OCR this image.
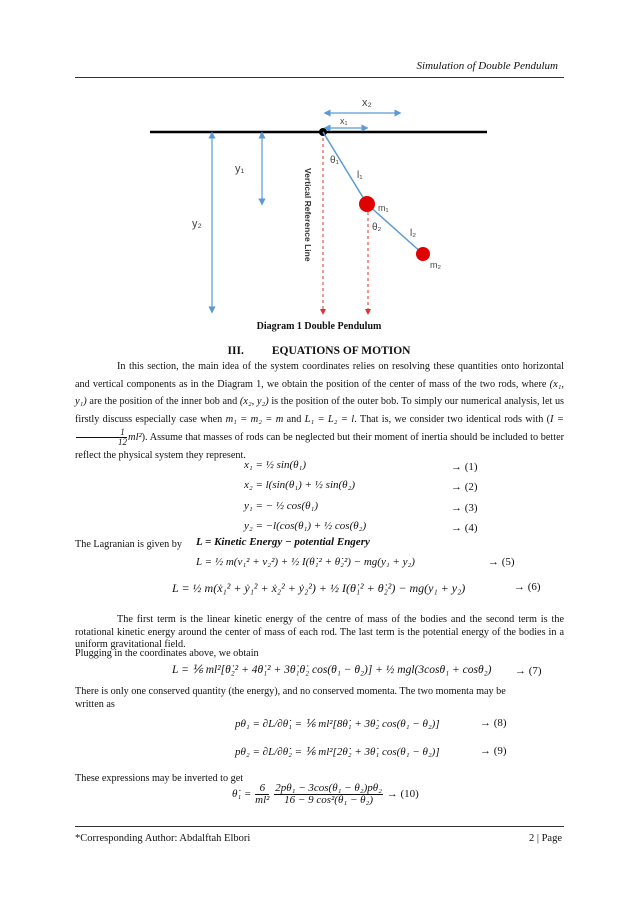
Simulation of Double Pendulum
x₂
x₁
y₁
y₂
θ₁
l₁
m₁
θ₂
l₂
m₂
Vertical Reference Line
Diagram 1 Double Pendulum
III. EQUATIONS OF MOTION

In this section, the main idea of the system coordinates relies on resolving these quantities onto horizontal and vertical components as in the Diagram 1, we obtain the position of the center of mass of the two rods, where (x₁, y₁) are the position of the inner bob and (x₂, y₂) is the position of the outer bob. To simply our numerical analysis, let us firstly discuss especially case when m₁ = m₂ = m and L₁ = L₂ = l. That is, we consider two identical rods with (I =
$\frac{1}{12} ml^2$). Assume that masses of rods can be neglected but their moment of inertia should be included to better reflect the physical system they represent.

x₁ = ½ sin(θ₁)	→ (1)
x₂ = l(sin(θ₁) + ½ sin(θ₂)	→ (2)
y₁ = − ½ cos(θ₁)	→ (3)
y₂ = −l(cos(θ₁) + ½ cos(θ₂)	→ (4)
The Lagranian is given by L = Kinetic Energy − potential Engery
L = ½ m(v₁² + v₂²) + ½ I(θ̇₁² + θ̇₂²) − mg(y₁ + y₂)	→ (5)
L = ½ m(ẋ₁² + ẏ₁² + ẋ₂² + ẏ₂²) + ½ I(θ̇₁² + θ̇₂²) − mg(y₁ + y₂)	→ (6)

The first term is the linear kinetic energy of the centre of mass of the bodies and the second term is the rotational kinetic energy around the center of mass of each rod. The last term is the potential energy of the bodies in a uniform gravitational field.

Plugging in the coordinates above, we obtain

L = ⅙ ml²[θ̇₂² + 4θ̇₁² + 3θ̇₁θ̇₂ cos(θ₁ − θ₂)] + ½ mgl(3cosθ₁ + cosθ₂) → (7)

There is only one conserved quantity (the energy), and no conserved momenta. The two momenta may be written as

pθ₁ = ∂L/∂θ̇₁ = ⅙ ml²[8θ̇₁ + 3θ̇₂ cos(θ₁ − θ₂)]	→ (8)
pθ₂ = ∂L/∂θ̇₂ = ⅙ ml²[2θ̇₂ + 3θ̇₁ cos(θ₁ − θ₂)]	→ (9)

These expressions may be inverted to get

θ̇₁ = $\frac{6}{\text{ml²}}$
$\frac{\text{2pθ₁ − 3cos(θ₁ − θ₂)pθ₂}}{\text{16 − 9 cos²(θ₁ − θ₂)}} \to (10)$
*Corresponding Author: Abdalftah Elbori	2 | Page
